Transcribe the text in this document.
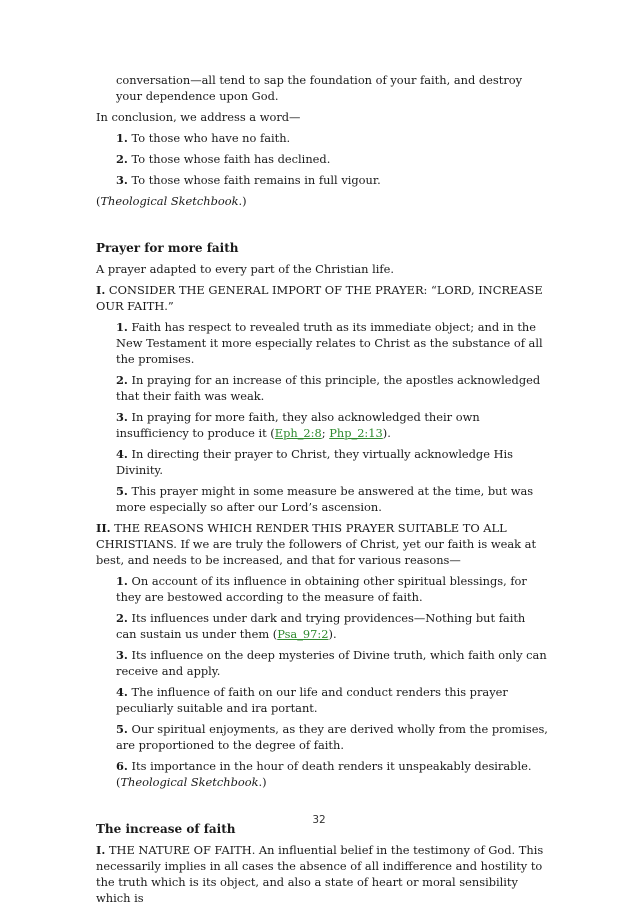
conversation—all tend to sap the foundation of your faith, and destroy your dependence upon God.

In conclusion, we address a word—

1. To those who have no faith.

2. To those whose faith has declined.

3. To those whose faith remains in full vigour.

(Theological Sketchbook.)

Prayer for more faith

A prayer adapted to every part of the Christian life.

I. CONSIDER THE GENERAL IMPORT OF THE PRAYER: “LORD, INCREASE OUR FAITH.”

1. Faith has respect to revealed truth as its immediate object; and in the New Testament it more especially relates to Christ as the substance of all the promises.

2. In praying for an increase of this principle, the apostles acknowledged that their faith was weak.

3. In praying for more faith, they also acknowledged their own insufficiency to produce it (Eph_2:8; Php_2:13).

4. In directing their prayer to Christ, they virtually acknowledge His Divinity.

5. This prayer might in some measure be answered at the time, but was more especially so after our Lord’s ascension.

II. THE REASONS WHICH RENDER THIS PRAYER SUITABLE TO ALL CHRISTIANS. If we are truly the followers of Christ, yet our faith is weak at best, and needs to be increased, and that for various reasons—

1. On account of its influence in obtaining other spiritual blessings, for they are bestowed according to the measure of faith.

2. Its influences under dark and trying providences—Nothing but faith can sustain us under them (Psa_97:2).

3. Its influence on the deep mysteries of Divine truth, which faith only can receive and apply.

4. The influence of faith on our life and conduct renders this prayer peculiarly suitable and ira portant.

5. Our spiritual enjoyments, as they are derived wholly from the promises, are proportioned to the degree of faith.

6. Its importance in the hour of death renders it unspeakably desirable.
(Theological Sketchbook.)

The increase of faith

I. THE NATURE OF FAITH. An influential belief in the testimony of God. This necessarily implies in all cases the absence of all indifference and hostility to the truth which is its object, and also a state of heart or moral sensibility which is

32
